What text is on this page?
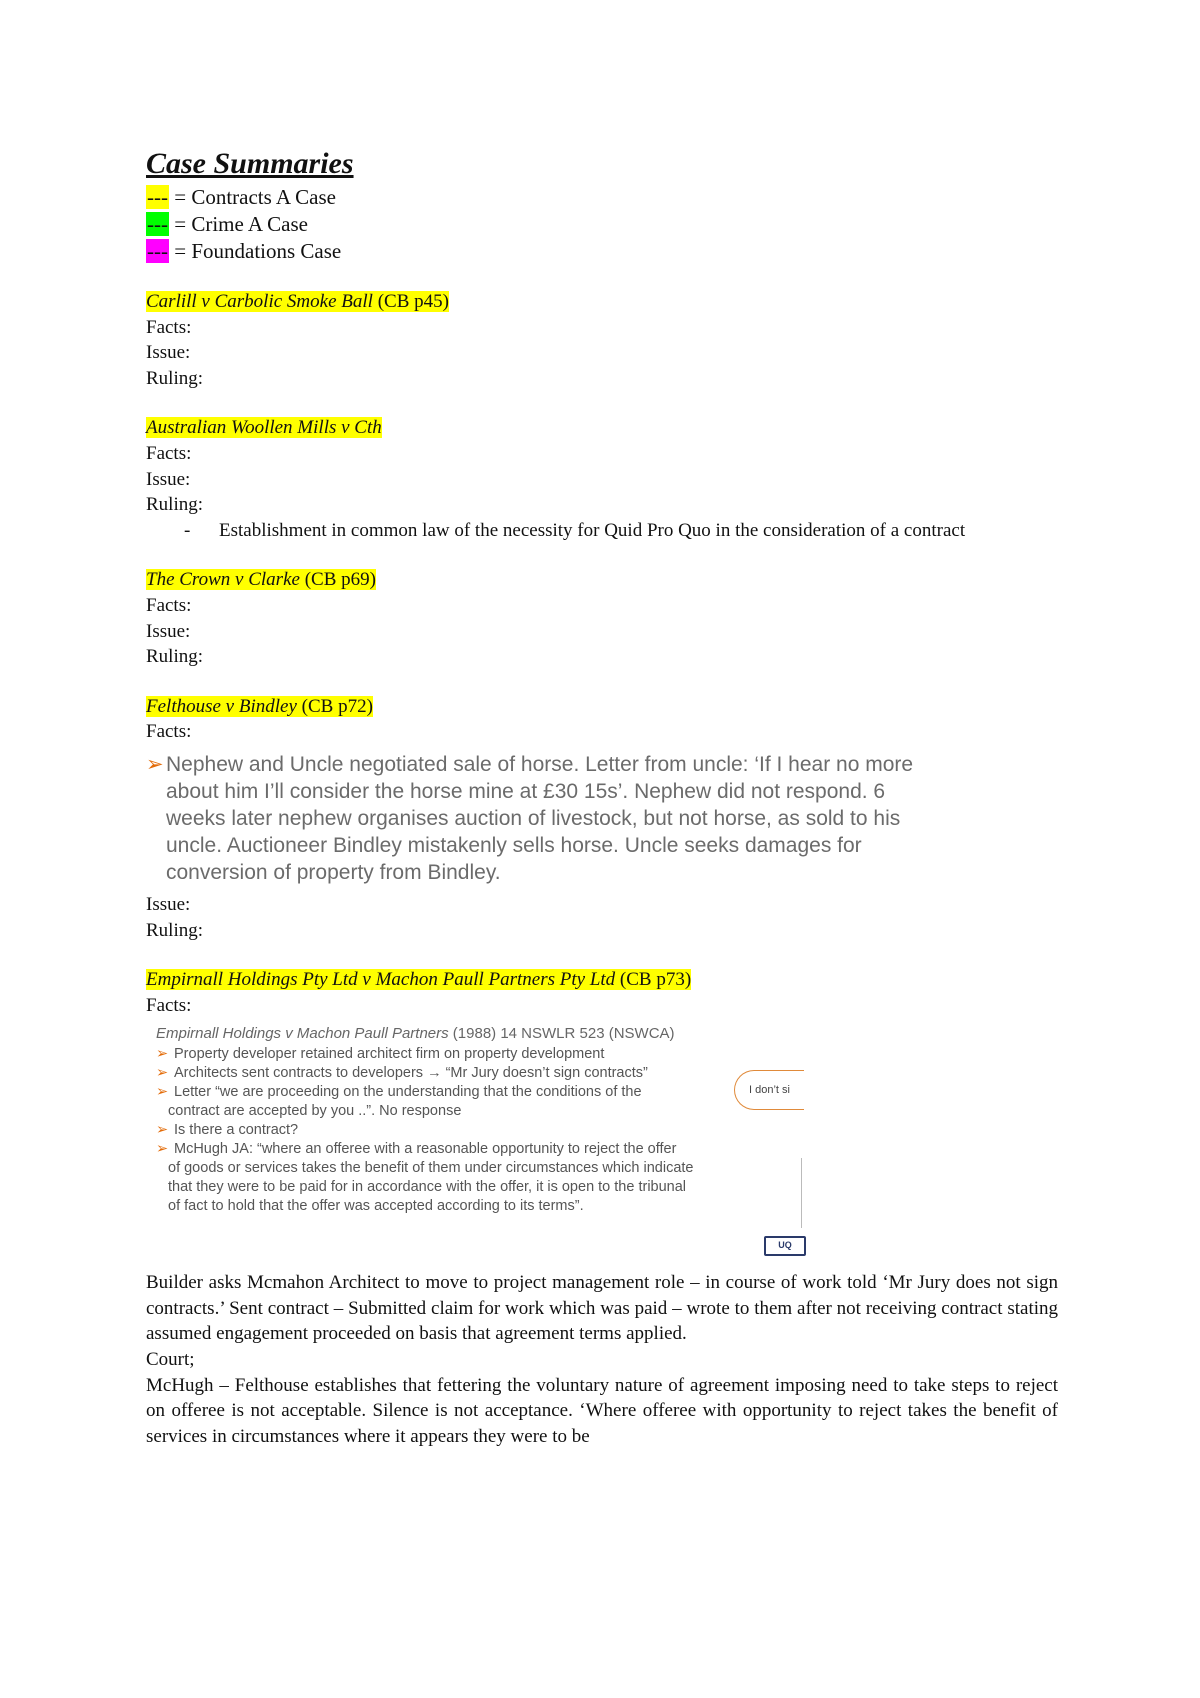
Case Summaries
--- = Contracts A Case
--- = Crime A Case
--- = Foundations Case
Carlill v Carbolic Smoke Ball (CB p45)
Facts:
Issue:
Ruling:
Australian Woollen Mills v Cth
Facts:
Issue:
Ruling:
- Establishment in common law of the necessity for Quid Pro Quo in the consideration of a contract
The Crown v Clarke (CB p69)
Facts:
Issue:
Ruling:
Felthouse v Bindley (CB p72)
Facts:
➢ Nephew and Uncle negotiated sale of horse. Letter from uncle: ‘If I hear no more about him I’ll consider the horse mine at £30 15s’. Nephew did not respond. 6 weeks later nephew organises auction of livestock, but not horse, as sold to his uncle. Auctioneer Bindley mistakenly sells horse. Uncle seeks damages for conversion of property from Bindley.
Issue:
Ruling:
Empirnall Holdings Pty Ltd v Machon Paull Partners Pty Ltd (CB p73)
Facts:
Empirnall Holdings v Machon Paull Partners (1988) 14 NSWLR 523 (NSWCA)
➢ Property developer retained architect firm on property development
➢ Architects sent contracts to developers → “Mr Jury doesn’t sign contracts”
➢ Letter “we are proceeding on the understanding that the conditions of the
contract are accepted by you ..”. No response
➢ Is there a contract?
➢ McHugh JA: “where an offeree with a reasonable opportunity to reject the offer
of goods or services takes the benefit of them under circumstances which indicate
that they were to be paid for in accordance with the offer, it is open to the tribunal
of fact to hold that the offer was accepted according to its terms”.
I don’t si
UQ
Builder asks Mcmahon Architect to move to project management role – in course of work told ‘Mr Jury does not sign contracts.’ Sent contract – Submitted claim for work which was paid – wrote to them after not receiving contract stating assumed engagement proceeded on basis that agreement terms applied.
Court;
McHugh – Felthouse establishes that fettering the voluntary nature of agreement imposing need to take steps to reject on offeree is not acceptable. Silence is not acceptance. ‘Where offeree with opportunity to reject takes the benefit of services in circumstances where it appears they were to be
